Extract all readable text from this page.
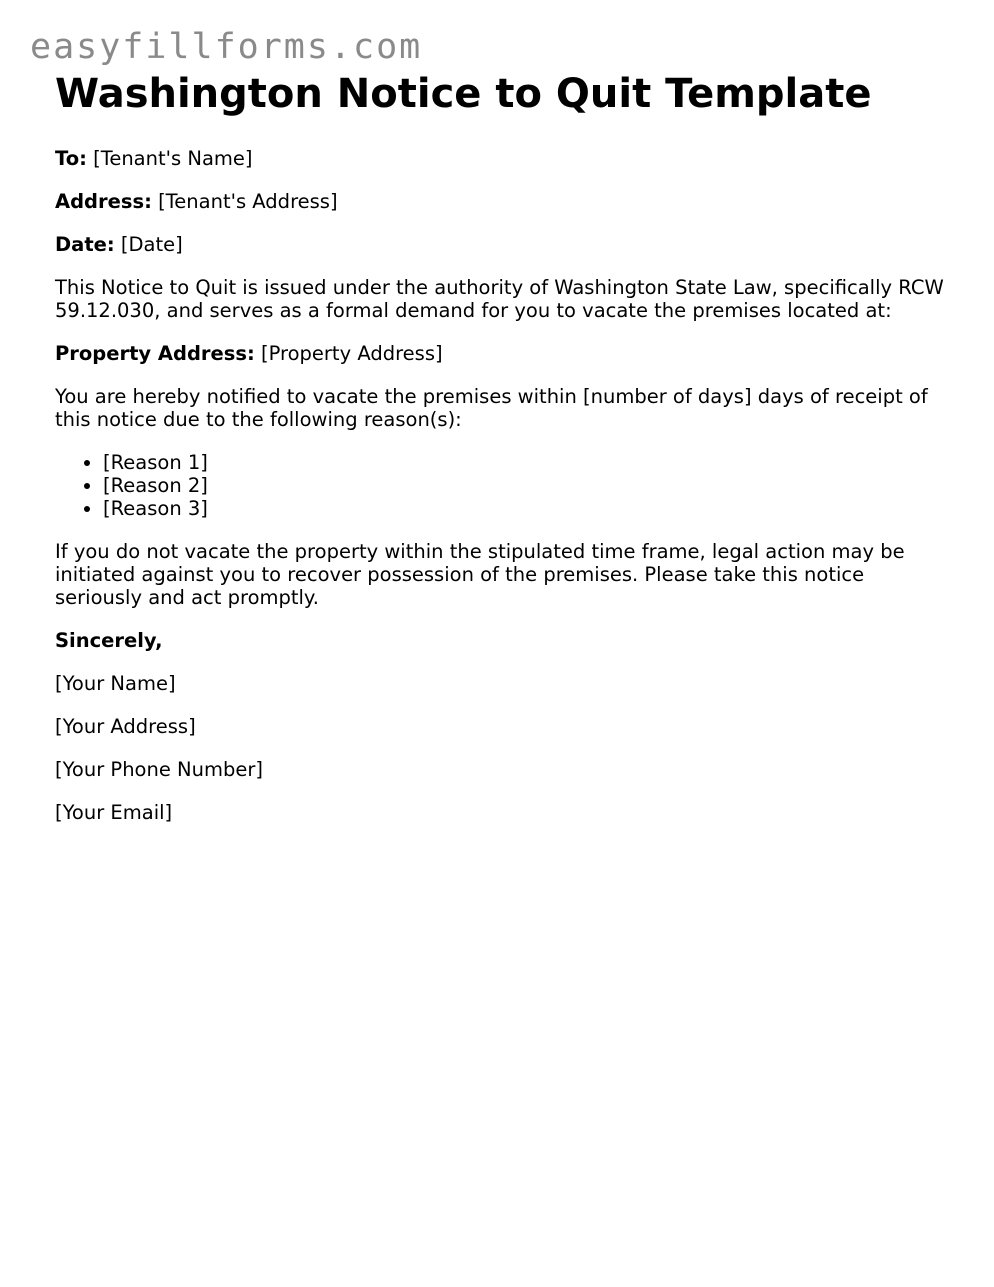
easyfillforms.com
Washington Notice to Quit Template

To: [Tenant's Name]

Address: [Tenant's Address]

Date: [Date]

This Notice to Quit is issued under the authority of Washington State Law, specifically RCW 59.12.030, and serves as a formal demand for you to vacate the premises located at:

Property Address: [Property Address]

You are hereby notified to vacate the premises within [number of days] days of receipt of this notice due to the following reason(s):

• [Reason 1]
• [Reason 2]
• [Reason 3]

If you do not vacate the property within the stipulated time frame, legal action may be initiated against you to recover possession of the premises. Please take this notice seriously and act promptly.

Sincerely,

[Your Name]

[Your Address]

[Your Phone Number]

[Your Email]
